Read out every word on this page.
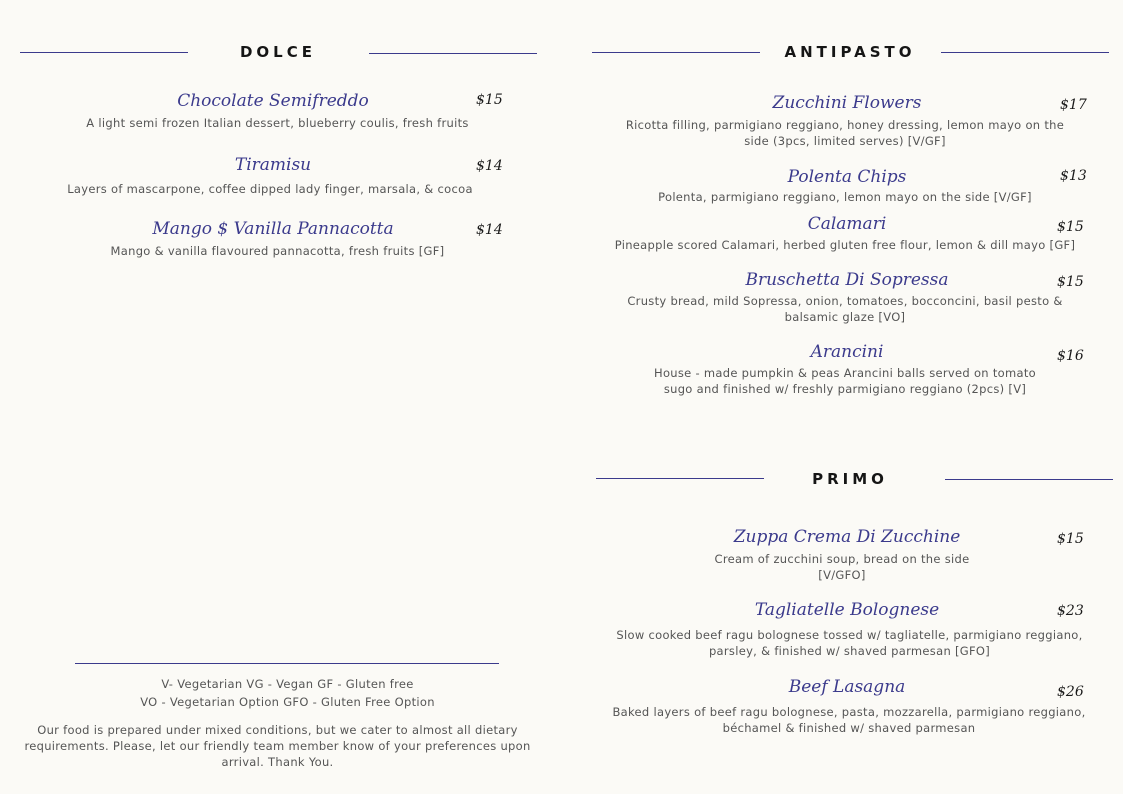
DOLCE
Chocolate Semifreddo	$15
A light semi frozen Italian dessert, blueberry coulis, fresh fruits
Tiramisu	$14
Layers of mascarpone, coffee dipped lady finger, marsala, & cocoa
Mango $ Vanilla Pannacotta	$14
Mango & vanilla flavoured pannacotta, fresh fruits [GF]
ANTIPASTO
Zucchini Flowers	$17
Ricotta filling, parmigiano reggiano, honey dressing, lemon mayo on the side (3pcs, limited serves) [V/GF]
Polenta Chips	$13
Polenta, parmigiano reggiano, lemon mayo on the side [V/GF]
Calamari	$15
Pineapple scored Calamari, herbed gluten free flour, lemon & dill mayo [GF]
Bruschetta Di Sopressa	$15
Crusty bread, mild Sopressa, onion, tomatoes, bocconcini, basil pesto & balsamic glaze [VO]
Arancini	$16
House - made pumpkin & peas Arancini balls served on tomato sugo and finished w/ freshly parmigiano reggiano (2pcs) [V]
PRIMO
Zuppa Crema Di Zucchine	$15
Cream of zucchini soup, bread on the side [V/GFO]
Tagliatelle Bolognese	$23
Slow cooked beef ragu bolognese tossed w/ tagliatelle, parmigiano reggiano, parsley, & finished w/ shaved parmesan [GFO]
Beef Lasagna	$26
Baked layers of beef ragu bolognese, pasta, mozzarella, parmigiano reggiano, béchamel & finished w/ shaved parmesan
V- Vegetarian VG - Vegan GF - Gluten free
VO - Vegetarian Option GFO - Gluten Free Option
Our food is prepared under mixed conditions, but we cater to almost all dietary requirements. Please, let our friendly team member know of your preferences upon arrival. Thank You.
